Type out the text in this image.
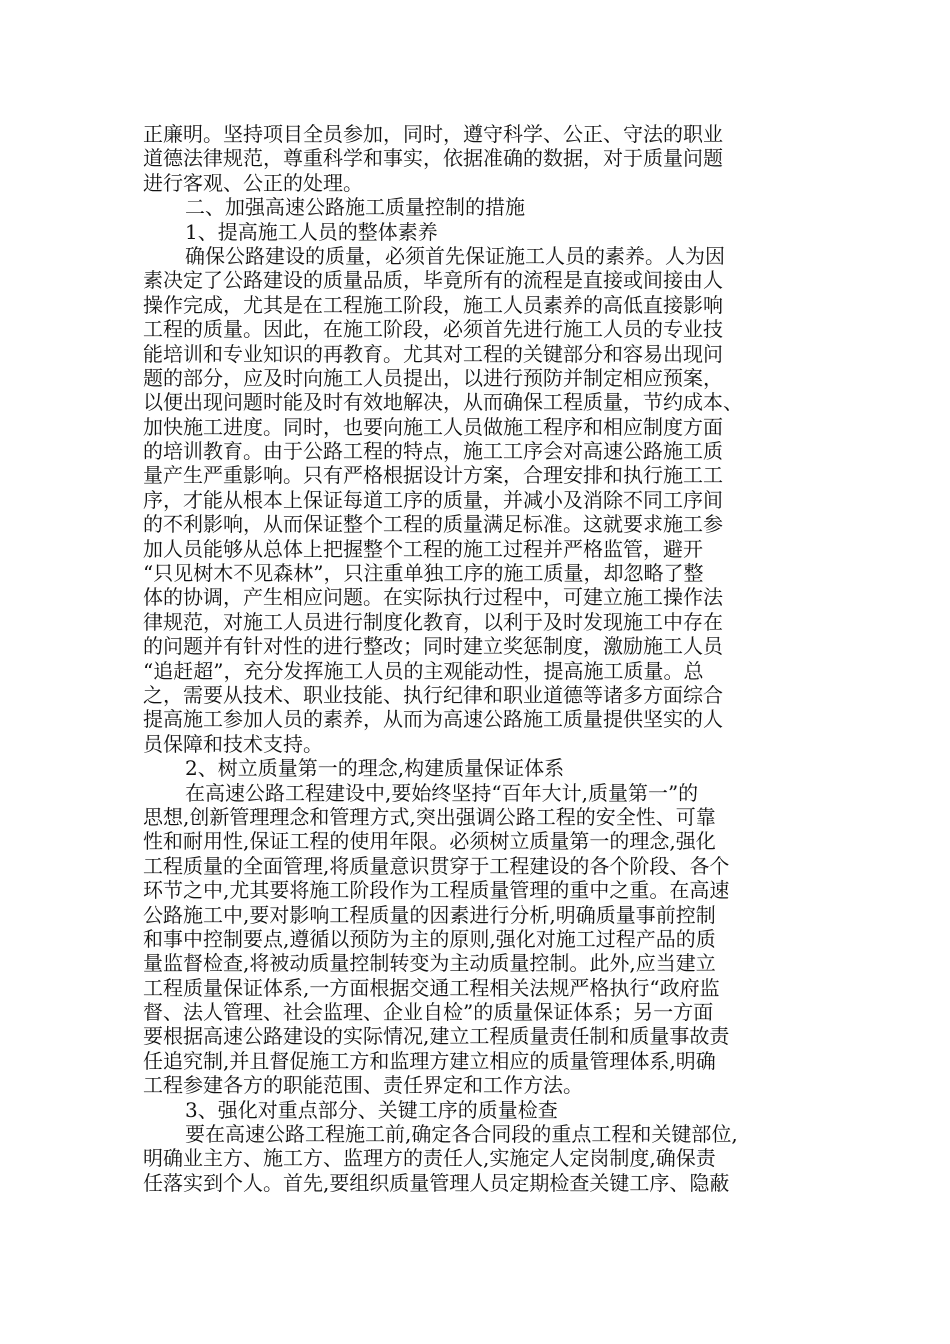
正廉明。坚持项目全员参加，同时，遵守科学、公正、守法的职业
道德法律规范，尊重科学和事实，依据准确的数据，对于质量问题
进行客观、公正的处理。
二、加强高速公路施工质量控制的措施
1、提高施工人员的整体素养
确保公路建设的质量，必须首先保证施工人员的素养。人为因
素决定了公路建设的质量品质，毕竟所有的流程是直接或间接由人
操作完成，尤其是在工程施工阶段，施工人员素养的高低直接影响
工程的质量。因此，在施工阶段，必须首先进行施工人员的专业技
能培训和专业知识的再教育。尤其对工程的关键部分和容易出现问
题的部分，应及时向施工人员提出，以进行预防并制定相应预案，
以便出现问题时能及时有效地解决，从而确保工程质量，节约成本、
加快施工进度。同时，也要向施工人员做施工程序和相应制度方面
的培训教育。由于公路工程的特点，施工工序会对高速公路施工质
量产生严重影响。只有严格根据设计方案，合理安排和执行施工工
序，才能从根本上保证每道工序的质量，并减小及消除不同工序间
的不利影响，从而保证整个工程的质量满足标准。这就要求施工参
加人员能够从总体上把握整个工程的施工过程并严格监管，避开
“只见树木不见森林”，只注重单独工序的施工质量，却忽略了整
体的协调，产生相应问题。在实际执行过程中，可建立施工操作法
律规范，对施工人员进行制度化教育，以利于及时发现施工中存在
的问题并有针对性的进行整改；同时建立奖惩制度，激励施工人员
“追赶超”，充分发挥施工人员的主观能动性，提高施工质量。总
之，需要从技术、职业技能、执行纪律和职业道德等诸多方面综合
提高施工参加人员的素养，从而为高速公路施工质量提供坚实的人
员保障和技术支持。
2、树立质量第一的理念,构建质量保证体系
在高速公路工程建设中,要始终坚持“百年大计,质量第一”的
思想,创新管理理念和管理方式,突出强调公路工程的安全性、可靠
性和耐用性,保证工程的使用年限。必须树立质量第一的理念,强化
工程质量的全面管理,将质量意识贯穿于工程建设的各个阶段、各个
环节之中,尤其要将施工阶段作为工程质量管理的重中之重。在高速
公路施工中,要对影响工程质量的因素进行分析,明确质量事前控制
和事中控制要点,遵循以预防为主的原则,强化对施工过程产品的质
量监督检查,将被动质量控制转变为主动质量控制。此外,应当建立
工程质量保证体系,一方面根据交通工程相关法规严格执行“政府监
督、法人管理、社会监理、企业自检”的质量保证体系；另一方面
要根据高速公路建设的实际情况,建立工程质量责任制和质量事故责
任追究制,并且督促施工方和监理方建立相应的质量管理体系,明确
工程参建各方的职能范围、责任界定和工作方法。
3、强化对重点部分、关键工序的质量检查
要在高速公路工程施工前,确定各合同段的重点工程和关键部位,
明确业主方、施工方、监理方的责任人,实施定人定岗制度,确保责
任落实到个人。首先,要组织质量管理人员定期检查关键工序、隐蔽
